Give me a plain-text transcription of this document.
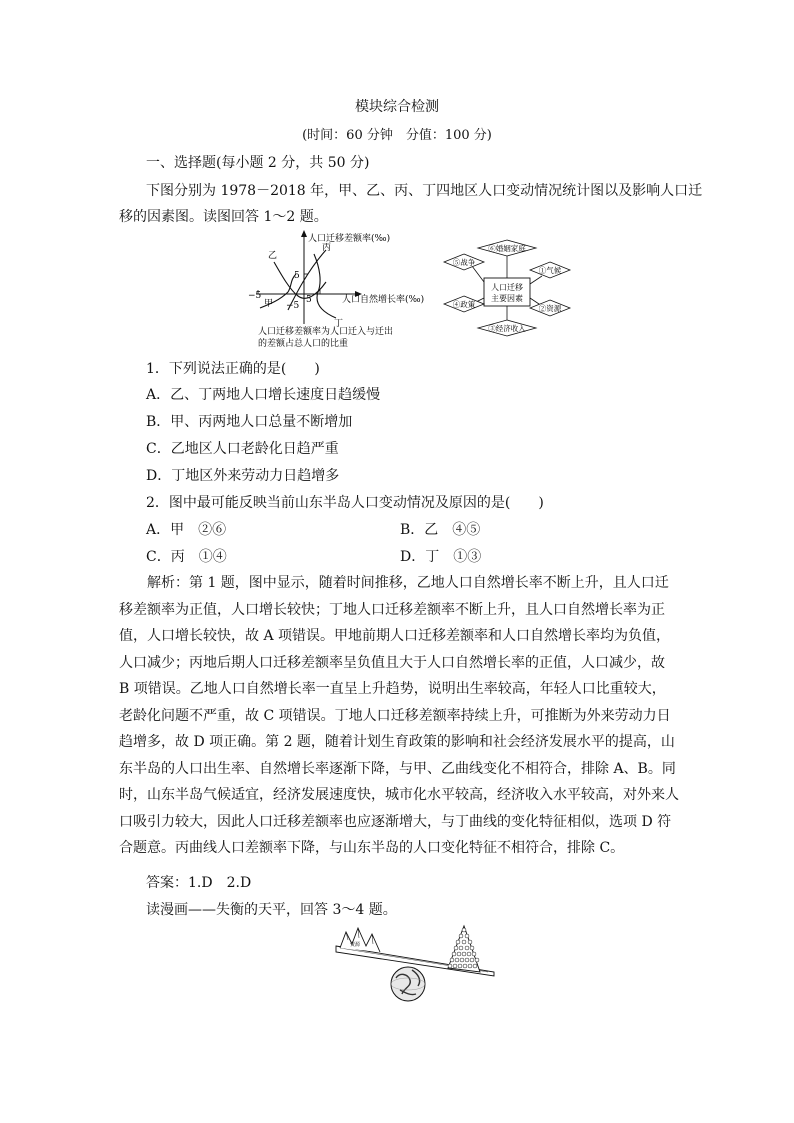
模块综合检测
(时间：60 分钟　分值：100 分)
一、选择题(每小题 2 分，共 50 分)
下图分别为 1978－2018 年，甲、乙、丙、丁四地区人口变动情况统计图以及影响人口迁
移的因素图。读图回答 1～2 题。
人口迁移差额率(‰)
人口自然增长率(‰)
5
−5
−5
5
乙
丙
甲
丁
人口迁移差额率为人口迁入与迁出
的差额占总人口的比重
人口迁移
主要因素
⑥婚姻家庭
⑤战争
①气候
④政策	②资源
③经济收入
1．下列说法正确的是(　　)
A．乙、丁两地人口增长速度日趋缓慢
B．甲、丙两地人口总量不断增加
C．乙地区人口老龄化日趋严重
D．丁地区外来劳动力日趋增多
2．图中最可能反映当前山东半岛人口变动情况及原因的是(　　)
A．甲　②⑥	B．乙　④⑤
C．丙　①④	D．丁　①③

解析：第 1 题，图中显示，随着时间推移，乙地人口自然增长率不断上升，且人口迁移差额率为正值，人口增长较快；丁地人口迁移差额率不断上升，且人口自然增长率为正值，人口增长较快，故 A 项错误。甲地前期人口迁移差额率和人口自然增长率均为负值，人口减少；丙地后期人口迁移差额率呈负值且大于人口自然增长率的正值，人口减少，故 B 项错误。乙地人口自然增长率一直呈上升趋势，说明出生率较高，年轻人口比重较大，老龄化问题不严重，故 C 项错误。丁地人口迁移差额率持续上升，可推断为外来劳动力日趋增多，故 D 项正确。第 2 题，随着计划生育政策的影响和社会经济发展水平的提高，山东半岛的人口出生率、自然增长率逐渐下降，与甲、乙曲线变化不相符合，排除 A、B。同时，山东半岛气候适宜，经济发展速度快，城市化水平较高，经济收入水平较高，对外来人口吸引力较大，因此人口迁移差额率也应逐渐增大，与丁曲线的变化特征相似，选项 D 符合题意。丙曲线人口差额率下降，与山东半岛的人口变化特征不相符合，排除 C。

答案：1.D　2.D
读漫画——失衡的天平，回答 3～4 题。
资源
